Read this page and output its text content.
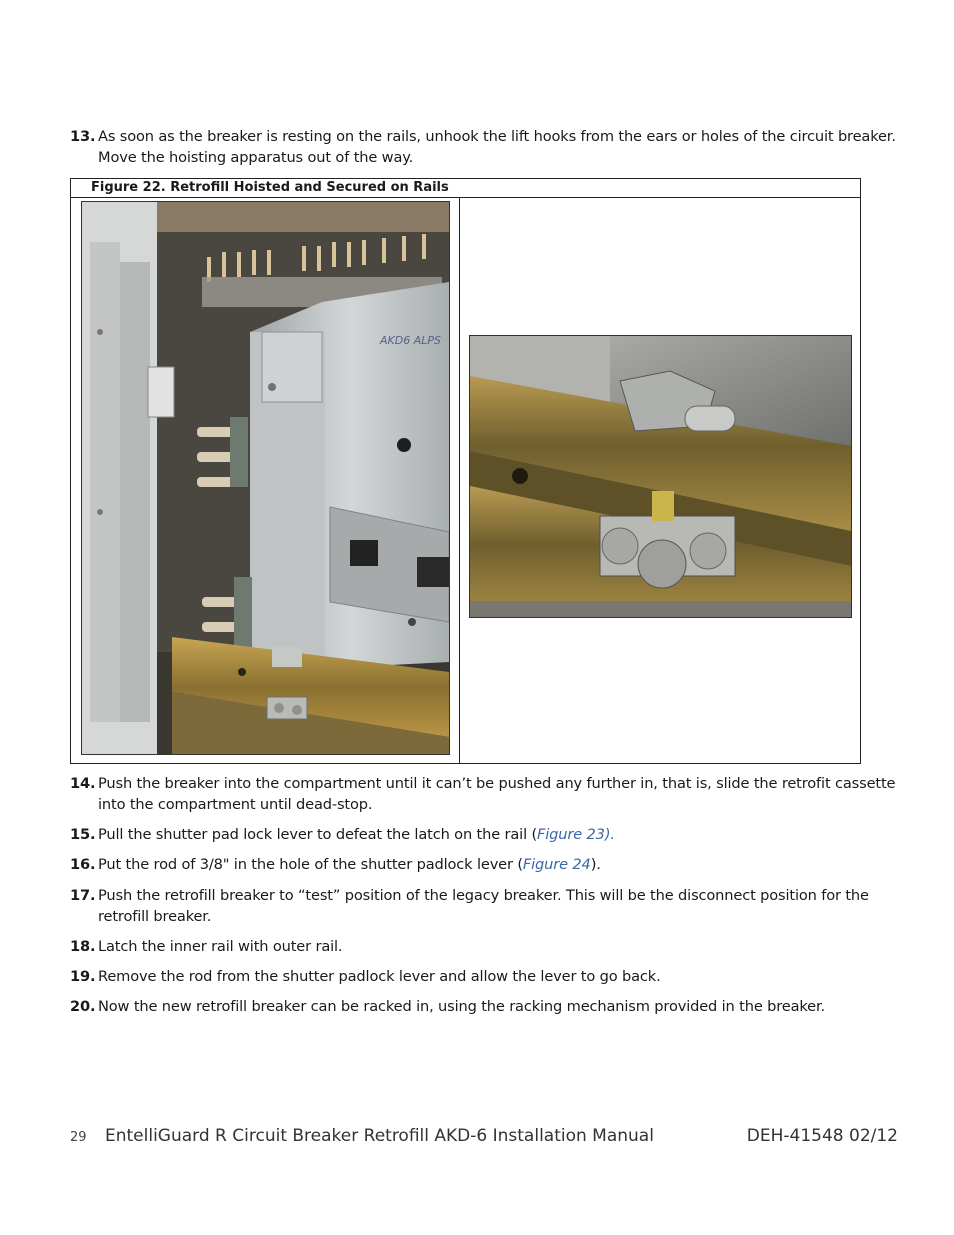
13. As soon as the breaker is resting on the rails, unhook the lift hooks from the ears or holes of the circuit breaker. Move the hoisting apparatus out of the way.
Figure 22. Retrofill Hoisted and Secured on Rails
AKD6 ALPS
14. Push the breaker into the compartment until it can’t be pushed any further in, that is, slide the retrofit cassette into the compartment until dead-stop.
15. Pull the shutter pad lock lever to defeat the latch on the rail (Figure 23).
16. Put the rod of 3/8" in the hole of the shutter padlock lever (Figure 24).
17. Push the retrofill breaker to “test” position of the legacy breaker. This will be the disconnect position for the retrofill breaker.
18. Latch the inner rail with outer rail.
19. Remove the rod from the shutter padlock lever and allow the lever to go back.
20. Now the new retrofill breaker can be racked in, using the racking mechanism provided in the breaker.
29 EntelliGuard R Circuit Breaker Retrofill AKD-6 Installation Manual	DEH-41548 02/12
